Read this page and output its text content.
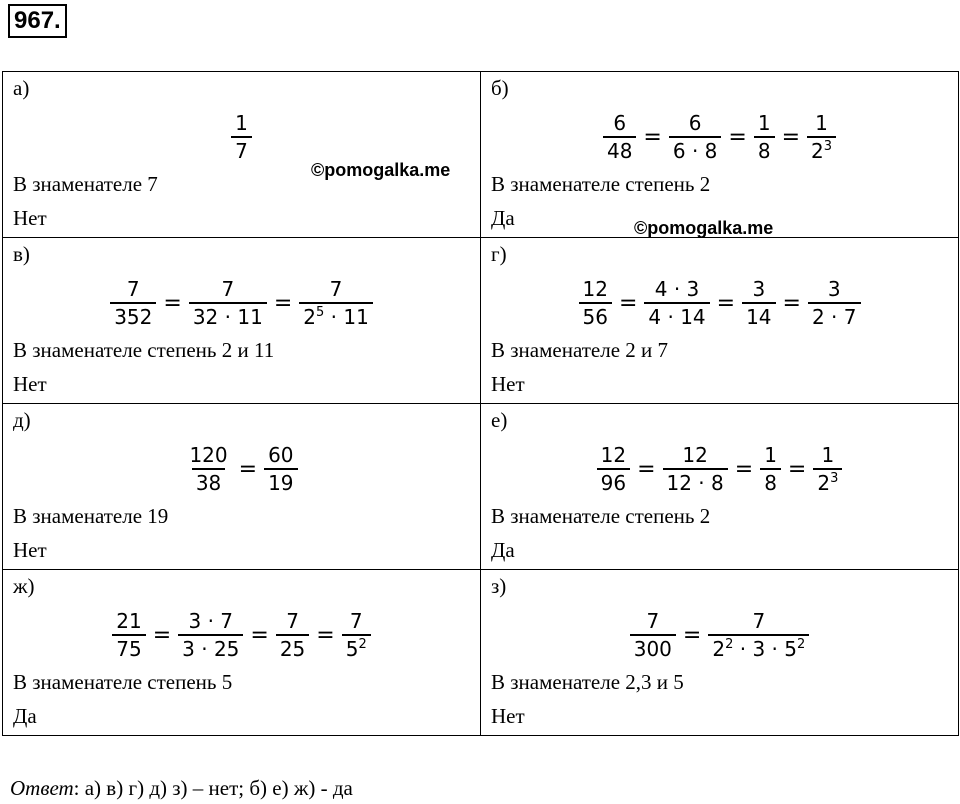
967.
а)
$\frac{1}{7}$
В знаменателе 7
Нет
б)
$\frac{6}{48} = \frac{6}{6 \cdot 8} = \frac{1}{8} = \frac{1}{2^3}$
В знаменателе степень 2
Да
в)
$\frac{7}{352} = \frac{7}{32 \cdot 11} = \frac{7}{2^5 \cdot 11}$
В знаменателе степень 2 и 11
Нет
г)
$\frac{12}{56} = \frac{4 \cdot 3}{4 \cdot 14} = \frac{3}{14} = \frac{3}{2 \cdot 7}$
В знаменателе 2 и 7
Нет
д)
$\frac{120}{38} = \frac{60}{19}$
В знаменателе 19
Нет
е)
$\frac{12}{96} = \frac{12}{12 \cdot 8} = \frac{1}{8} = \frac{1}{2^3}$
В знаменателе степень 2
Да
ж)
$\frac{21}{75} = \frac{3 \cdot 7}{3 \cdot 25} = \frac{7}{25} = \frac{7}{5^2}$
В знаменателе степень 5
Да
з)
$\frac{7}{300} = \frac{7}{2^2 \cdot 3 \cdot 5^2}$
В знаменателе 2,3 и 5
Нет
©pomogalka.me
©pomogalka.me
Ответ: а) в) г) д) з) – нет; б) е) ж) - да
